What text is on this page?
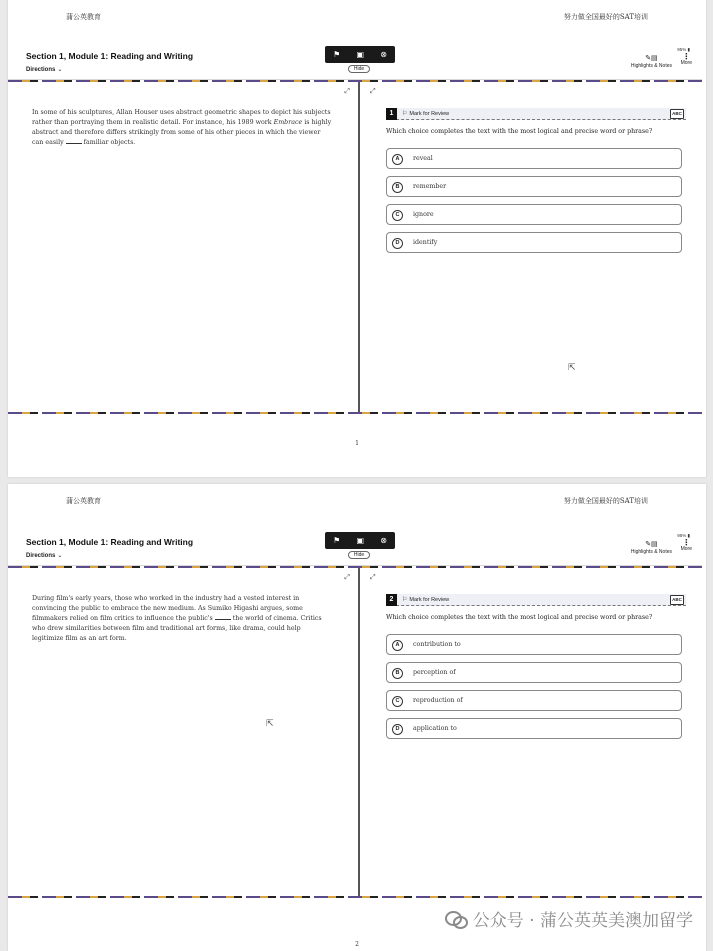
蒲公英教育	努力做全国最好的SAT培训
Section 1, Module 1: Reading and Writing
Directions ⌄
⚑ ▣ ⊗
Hide
95% ▮
✎▤
Highlights & Notes
⋮
More
⤢
In some of his sculptures, Allan Houser uses abstract geometric shapes to depict his subjects rather than portraying them in realistic detail. For instance, his 1989 work Embrace is highly abstract and therefore differs strikingly from some of his other pieces in which the viewer can easily	familiar objects.
⤢
1	⚐ Mark for Review	ABC
Which choice completes the text with the most logical and precise word or phrase?
A	reveal
B	remember
C	ignore
D	identify
⇱
1
蒲公英教育	努力做全国最好的SAT培训
Section 1, Module 1: Reading and Writing
Directions ⌄
⚑ ▣ ⊗
Hide
95% ▮
✎▤
Highlights & Notes
⋮
More
⤢
During film's early years, those who worked in the industry had a vested interest in convincing the public to embrace the new medium. As Sumiko Higashi argues, some filmmakers relied on film critics to influence the public's	the world of cinema. Critics who drew similarities between film and traditional art forms, like drama, could help legitimize film as an art form.
⇱
⤢
2	⚐ Mark for Review	ABC
Which choice completes the text with the most logical and precise word or phrase?
A	contribution to
B	perception of
C	reproduction of
D	application to
2
公众号 · 蒲公英英美澳加留学
